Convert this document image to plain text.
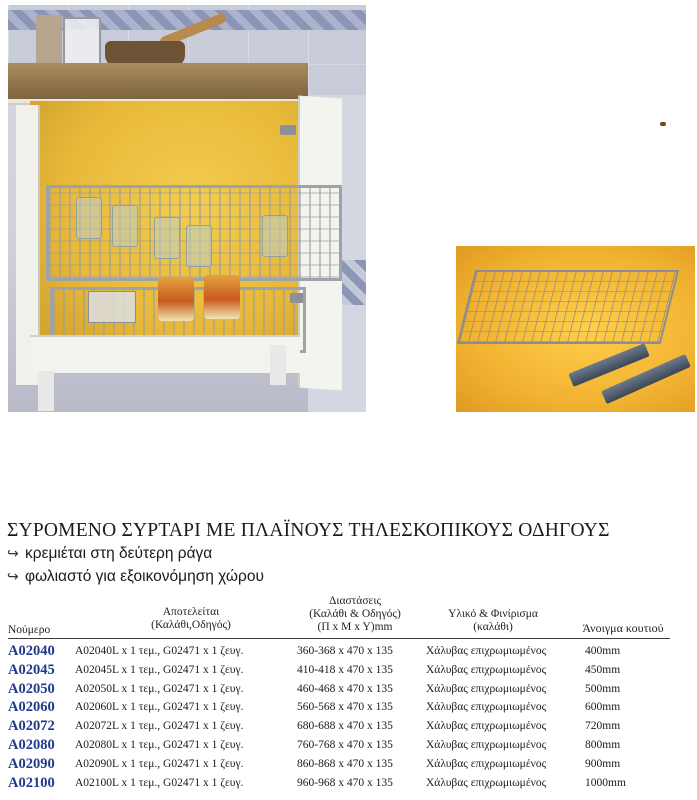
ΣΥΡΟΜΕΝΟ ΣΥΡΤΑΡΙ ΜΕ ΠΛΑΪΝΟΥΣ ΤΗΛΕΣΚΟΠΙΚΟΥΣ ΟΔΗΓΟΥΣ
↪ κρεμιέται στη δεύτερη ράγα
↪ φωλιαστό για εξοικονόμηση χώρου
Νούμερο
Αποτελείται
(Καλάθι,Οδηγός)
Διαστάσεις
(Καλάθι & Οδηγός)
(Π x M x Y)mm
Υλικό & Φινίρισμα
(καλάθι)	Άνοιγμα κουτιού
A02040 A02040L x 1 τεμ., G02471 x 1 ζευγ.	360-368 x 470 x 135	Χάλυβας επιχρωμιωμένος	400mm
A02045 A02045L x 1 τεμ., G02471 x 1 ζευγ.	410-418 x 470 x 135	Χάλυβας επιχρωμιωμένος	450mm
A02050 A02050L x 1 τεμ., G02471 x 1 ζευγ.	460-468 x 470 x 135	Χάλυβας επιχρωμιωμένος	500mm
A02060 A02060L x 1 τεμ., G02471 x 1 ζευγ.	560-568 x 470 x 135	Χάλυβας επιχρωμιωμένος	600mm
A02072 A02072L x 1 τεμ., G02471 x 1 ζευγ.	680-688 x 470 x 135	Χάλυβας επιχρωμιωμένος	720mm
A02080 A02080L x 1 τεμ., G02471 x 1 ζευγ.	760-768 x 470 x 135	Χάλυβας επιχρωμιωμένος	800mm
A02090 A02090L x 1 τεμ., G02471 x 1 ζευγ.	860-868 x 470 x 135	Χάλυβας επιχρωμιωμένος	900mm
A02100 A02100L x 1 τεμ., G02471 x 1 ζευγ.	960-968 x 470 x 135	Χάλυβας επιχρωμιωμένος	1000mm
